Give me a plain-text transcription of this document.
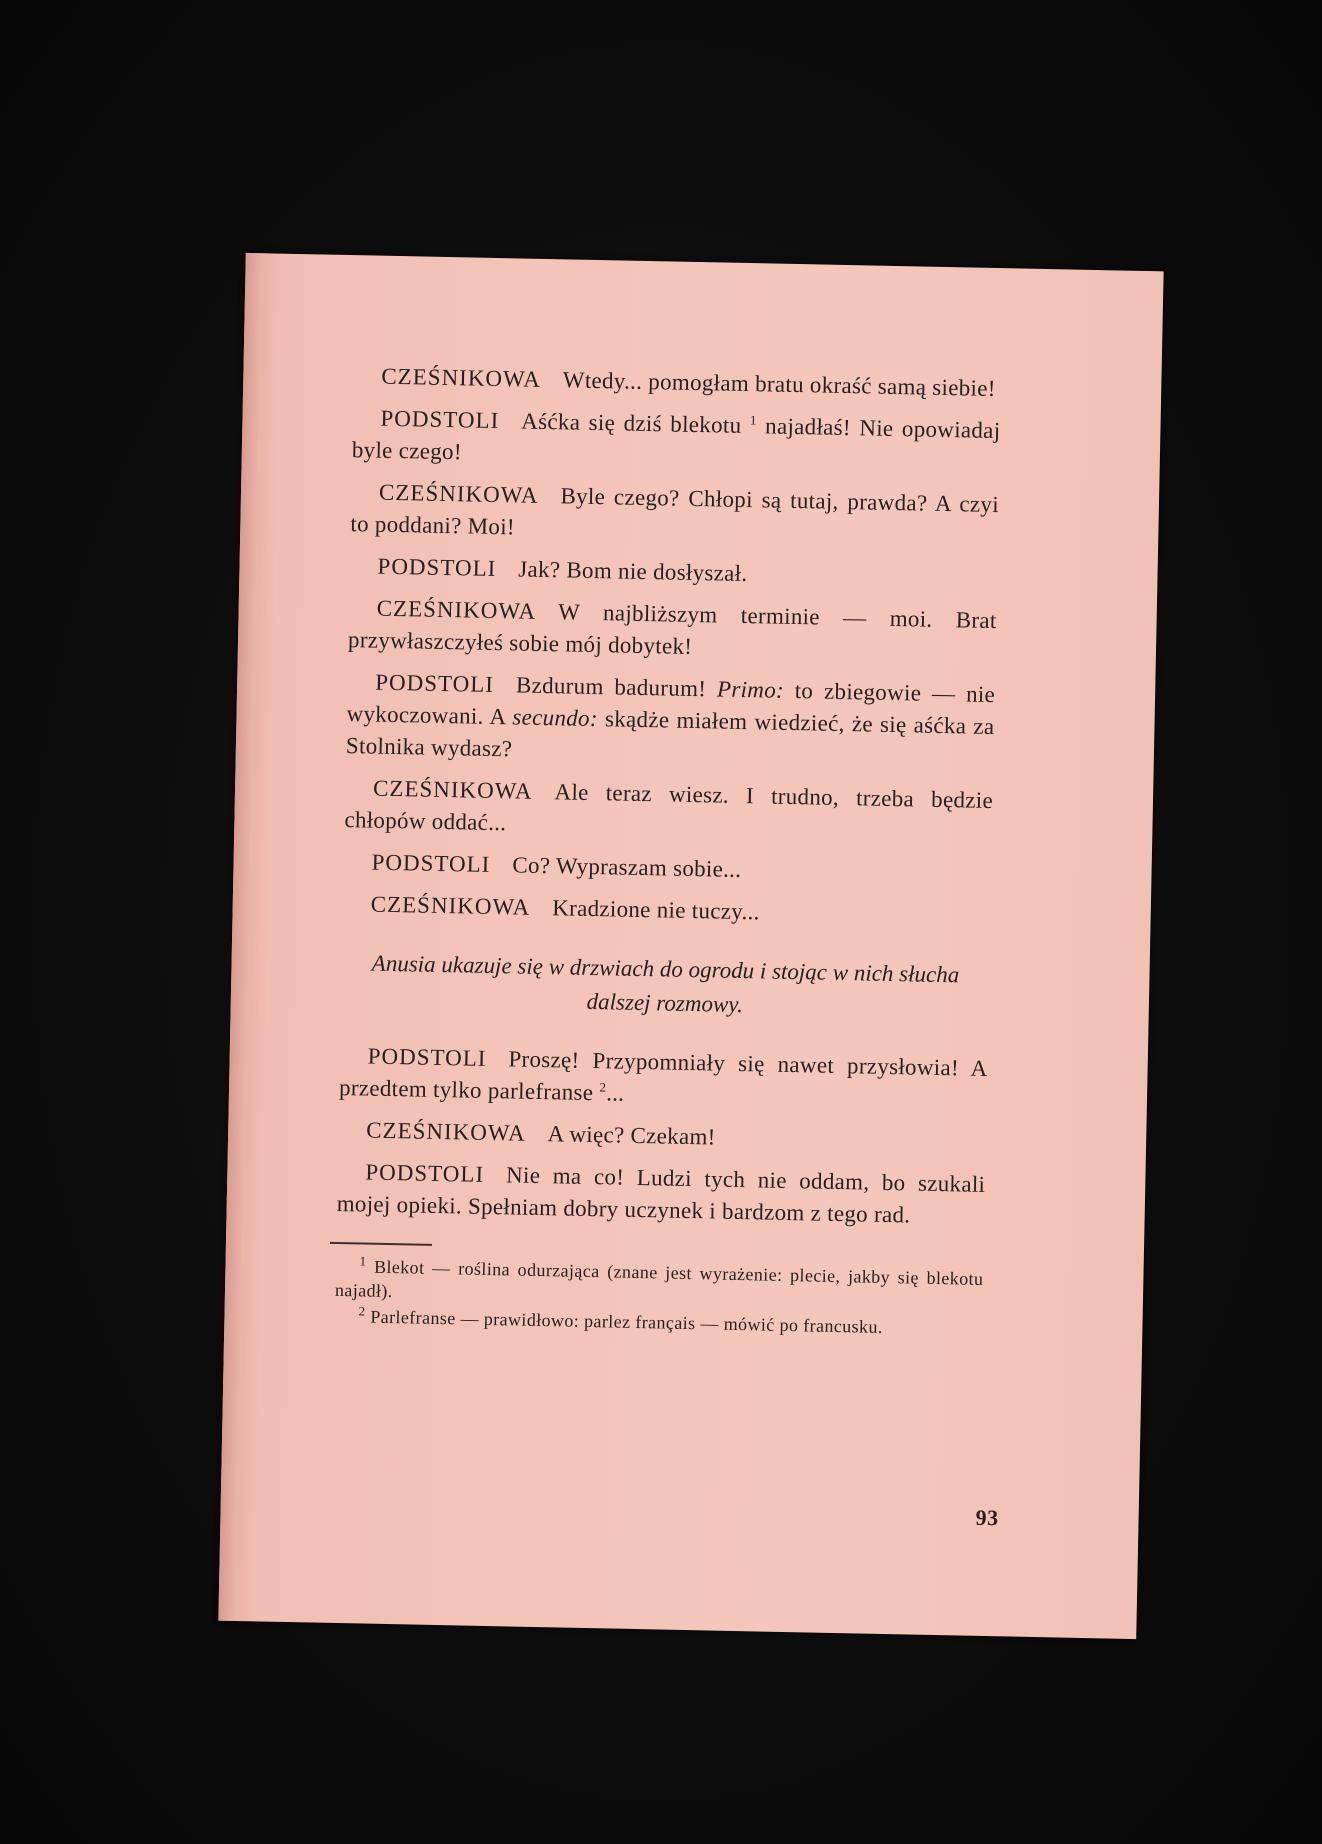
CZEŚNIKOWA Wtedy... pomogłam bratu okraść samą siebie!

PODSTOLI Aśćka się dziś blekotu $^1$ najadłaś! Nie opowiadaj byle czego!

CZEŚNIKOWA Byle czego? Chłopi są tutaj, prawda? A czyi to poddani? Moi!

PODSTOLI Jak? Bom nie dosłyszał.

CZEŚNIKOWA W najbliższym terminie — moi. Brat przywłaszczyłeś sobie mój dobytek!

PODSTOLI Bzdurum badurum! Primo: to zbiegowie — nie wykoczowani. A secundo: skądże miałem wiedzieć, że się aśćka za Stolnika wydasz?

CZEŚNIKOWA Ale teraz wiesz. I trudno, trzeba będzie chłopów oddać...

PODSTOLI Co? Wypraszam sobie...

CZEŚNIKOWA Kradzione nie tuczy...

Anusia ukazuje się w drzwiach do ogrodu i stojąc w nich słucha dalszej rozmowy.

PODSTOLI Proszę! Przypomniały się nawet przysłowia! A przedtem tylko parlefranse $^2$...

CZEŚNIKOWA A więc? Czekam!

PODSTOLI Nie ma co! Ludzi tych nie oddam, bo szukali mojej opieki. Spełniam dobry uczynek i bardzom z tego rad.

$^1$ Blekot — roślina odurzająca (znane jest wyrażenie: plecie, jakby się blekotu najadł).

$^2$ Parlefranse — prawidłowo: parlez français — mówić po francusku.

93
